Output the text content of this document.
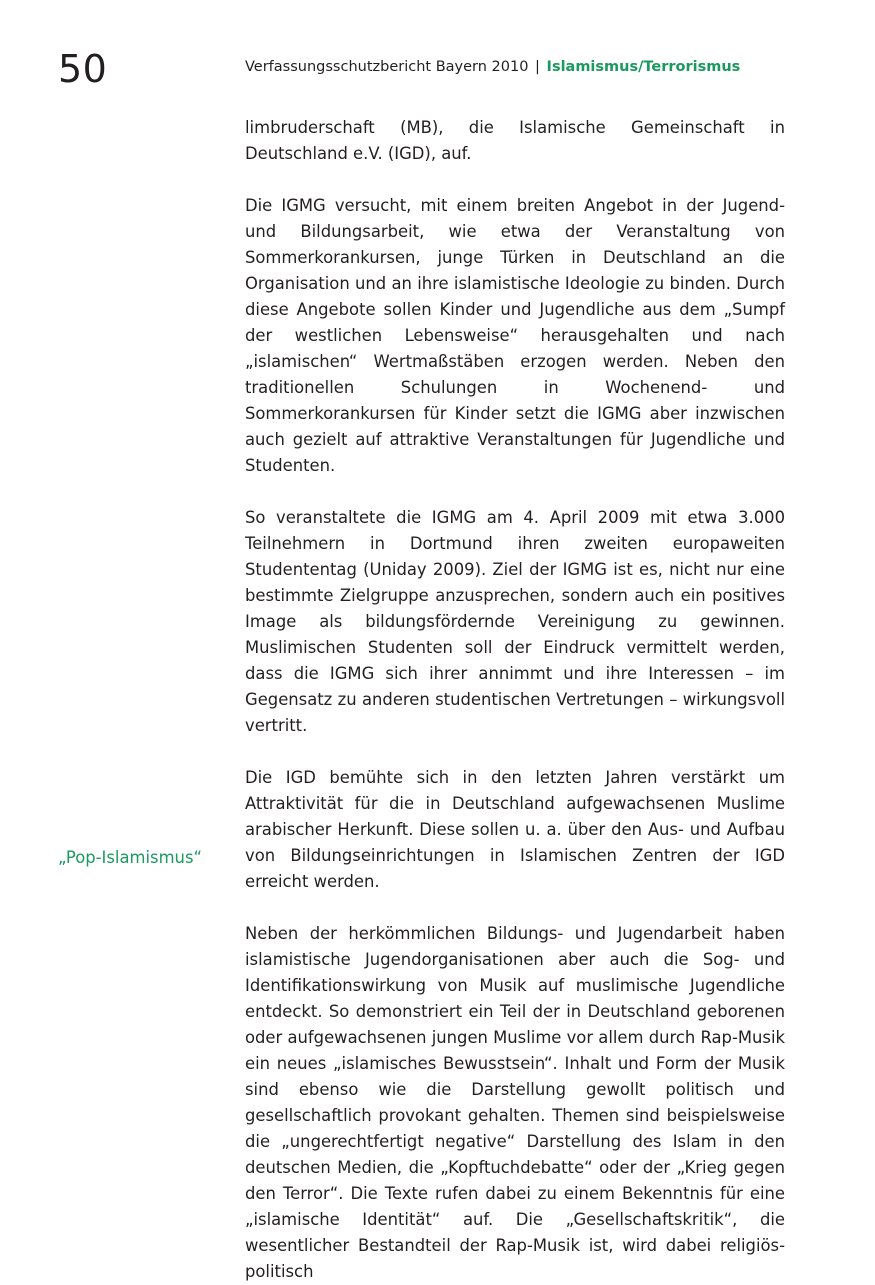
50	Verfassungsschutzbericht Bayern 2010 | Islamismus/Terrorismus
„Pop-Islamismus“

limbruderschaft (MB), die Islamische Gemeinschaft in Deutschland e.V. (IGD), auf.

Die IGMG versucht, mit einem breiten Angebot in der Jugend- und Bildungsarbeit, wie etwa der Veranstaltung von Sommerkorankursen, junge Türken in Deutschland an die Organisation und an ihre islamistische Ideologie zu binden. Durch diese Angebote sollen Kinder und Jugendliche aus dem „Sumpf der westlichen Lebensweise“ herausgehalten und nach „islamischen“ Wertmaßstäben erzogen werden. Neben den traditionellen Schulungen in Wochenend- und Sommerkorankursen für Kinder setzt die IGMG aber inzwischen auch gezielt auf attraktive Veranstaltungen für Jugendliche und Studenten.

So veranstaltete die IGMG am 4. April 2009 mit etwa 3.000 Teilnehmern in Dortmund ihren zweiten europaweiten Studententag (Uniday 2009). Ziel der IGMG ist es, nicht nur eine bestimmte Zielgruppe anzusprechen, sondern auch ein positives Image als bildungsfördernde Vereinigung zu gewinnen. Muslimischen Studenten soll der Eindruck vermittelt werden, dass die IGMG sich ihrer annimmt und ihre Interessen – im Gegensatz zu anderen studentischen Vertretungen – wirkungsvoll vertritt.

Die IGD bemühte sich in den letzten Jahren verstärkt um Attraktivität für die in Deutschland aufgewachsenen Muslime arabischer Herkunft. Diese sollen u. a. über den Aus- und Aufbau von Bildungseinrichtungen in Islamischen Zentren der IGD erreicht werden.

Neben der herkömmlichen Bildungs- und Jugendarbeit haben islamistische Jugendorganisationen aber auch die Sog- und Identifikationswirkung von Musik auf muslimische Jugendliche entdeckt. So demonstriert ein Teil der in Deutschland geborenen oder aufgewachsenen jungen Muslime vor allem durch Rap-Musik ein neues „islamisches Bewusstsein“. Inhalt und Form der Musik sind ebenso wie die Darstellung gewollt politisch und gesellschaftlich provokant gehalten. Themen sind beispielsweise die „ungerechtfertigt negative“ Darstellung des Islam in den deutschen Medien, die „Kopftuchdebatte“ oder der „Krieg gegen den Terror“. Die Texte rufen dabei zu einem Bekenntnis für eine „islamische Identität“ auf. Die „Gesellschaftskritik“, die wesentlicher Bestandteil der Rap-Musik ist, wird dabei religiös-politisch
